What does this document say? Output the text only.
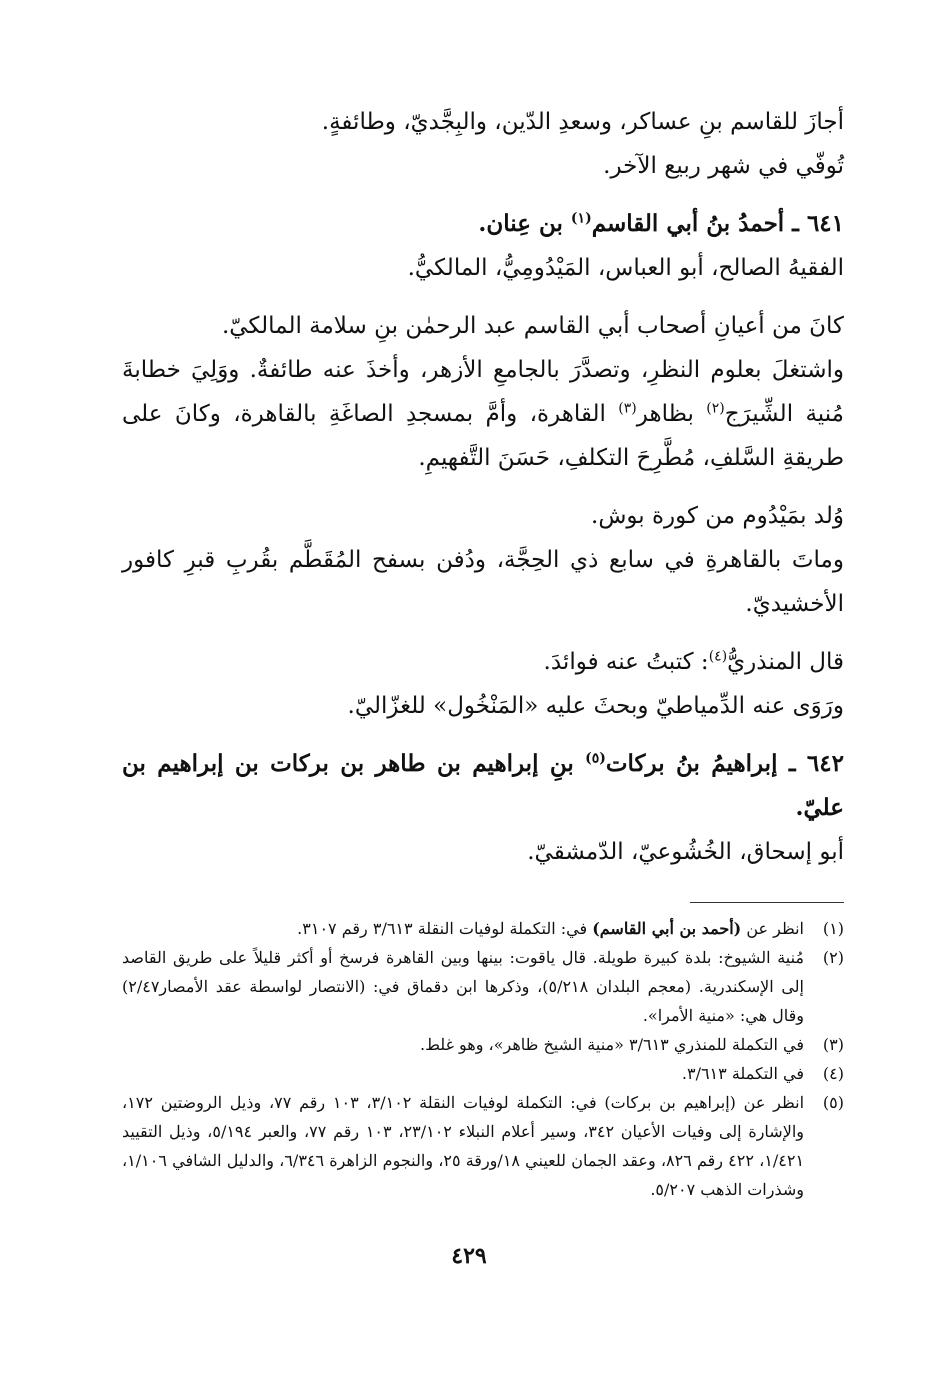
أجازَ للقاسم بنِ عساكر، وسعدِ الدّين، والبِجَّديّ، وطائفةٍ.

تُوفّي في شهر ربيع الآخر.

٦٤١ ـ أحمدُ بنُ أبي القاسم$^{(١)}$ بن عِنان.

الفقيهُ الصالح، أبو العباس، المَيْدُومِيُّ، المالكيُّ.

كانَ من أعيانِ أصحاب أبي القاسم عبد الرحمٰن بنِ سلامة المالكيّ.

واشتغلَ بعلوم النظرِ، وتصدَّرَ بالجامعِ الأزهر، وأخذَ عنه طائفةٌ. ووَلِيَ خطابةَ مُنية الشِّيرَج$^{(٢)}$ بظاهر$^{(٣)}$ القاهرة، وأمَّ بمسجدِ الصاغَةِ بالقاهرة، وكانَ على طريقةِ السَّلفِ، مُطَّرِحَ التكلفِ، حَسَنَ التَّفهيمِ.

وُلد بمَيْدُوم من كورة بوش.

وماتَ بالقاهرةِ في سابع ذي الحِجَّة، ودُفن بسفح المُقَطَّم بقُربِ قبرِ كافور الأخشيديّ.

قال المنذريُّ$^{(٤)}$: كتبتُ عنه فوائدَ.

ورَوَى عنه الدِّمياطيّ وبحثَ عليه «المَنْخُول» للغزّاليّ.

٦٤٢ ـ إبراهيمُ بنُ بركات$^{(٥)}$ بنِ إبراهيم بن طاهر بن بركات بن إبراهيم بن عليّ.

أبو إسحاق، الخُشُوعيّ، الدّمشقيّ.

(١)
انظر عن (أحمد بن أبي القاسم) في: التكملة لوفيات النقلة ٣/٦١٣ رقم ٣١٠٧.
(٢)
مُنية الشيوخ: بلدة كبيرة طويلة. قال ياقوت: بينها وبين القاهرة فرسخ أو أكثر قليلاً على طريق القاصد إلى الإسكندرية. (معجم البلدان ٥/٢١٨)، وذكرها ابن دقماق في: (الانتصار لواسطة عقد الأمصار٢/٤٧) وقال هي: «منية الأمرا».
(٣)
في التكملة للمنذري ٣/٦١٣ «منية الشيخ ظاهر»، وهو غلط.
(٤)
في التكملة ٣/٦١٣.
(٥)
انظر عن (إبراهيم بن بركات) في: التكملة لوفيات النقلة ٣/١٠٢، ١٠٣ رقم ٧٧، وذيل الروضتين ١٧٢، والإشارة إلى وفيات الأعيان ٣٤٢، وسير أعلام النبلاء ٢٣/١٠٢، ١٠٣ رقم ٧٧، والعبر ٥/١٩٤، وذيل التقييد ١/٤٢١، ٤٢٢ رقم ٨٢٦، وعقد الجمان للعيني ١٨/ورقة ٢٥، والنجوم الزاهرة ٦/٣٤٦، والدليل الشافي ١/١٠٦، وشذرات الذهب ٥/٢٠٧.
٤٢٩
